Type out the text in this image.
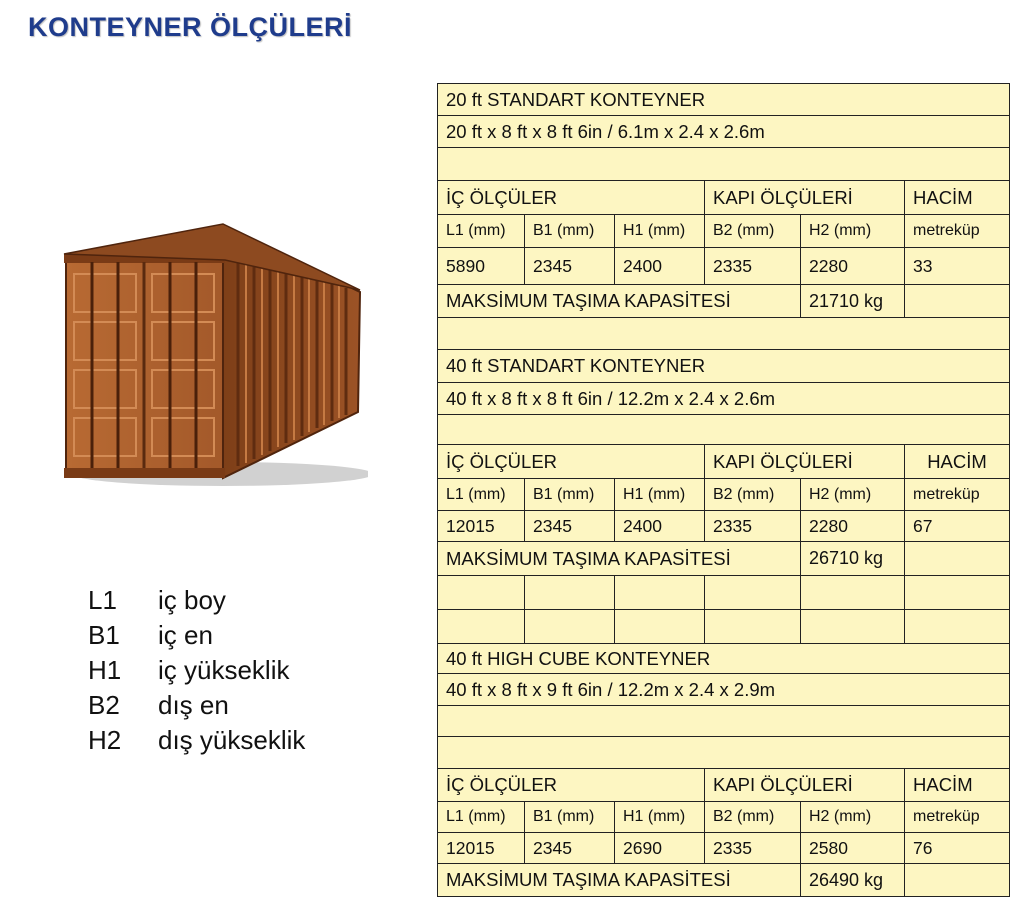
KONTEYNER ÖLÇÜLERİ
L1 iç boy
B1 iç en
H1 iç yükseklik
B2 dış en
H2 dış yükseklik
20 ft STANDART KONTEYNER					
20 ft x 8 ft x 8 ft 6in / 6.1m x 2.4 x 2.6m					

İÇ ÖLÇÜLER			KAPI ÖLÇÜLERİ		HACİM
L1 (mm)	B1 (mm)	H1 (mm)	B2 (mm)	H2 (mm)	metreküp
5890	2345	2400	2335	2280	33
MAKSİMUM TAŞIMA KAPASİTESİ				21710 kg	

40 ft STANDART KONTEYNER					
40 ft x 8 ft x 8 ft 6in / 12.2m x 2.4 x 2.6m					

İÇ ÖLÇÜLER			KAPI ÖLÇÜLERİ		HACİM
L1 (mm)	B1 (mm)	H1 (mm)	B2 (mm)	H2 (mm)	metreküp
12015	2345	2400	2335	2280	67
MAKSİMUM TAŞIMA KAPASİTESİ				26710 kg	

40 ft HIGH CUBE KONTEYNER					
40 ft x 8 ft x 9 ft 6in / 12.2m x 2.4 x 2.9m					

İÇ ÖLÇÜLER			KAPI ÖLÇÜLERİ		HACİM
L1 (mm)	B1 (mm)	H1 (mm)	B2 (mm)	H2 (mm)	metreküp
12015	2345	2690	2335	2580	76
MAKSİMUM TAŞIMA KAPASİTESİ				26490 kg	
